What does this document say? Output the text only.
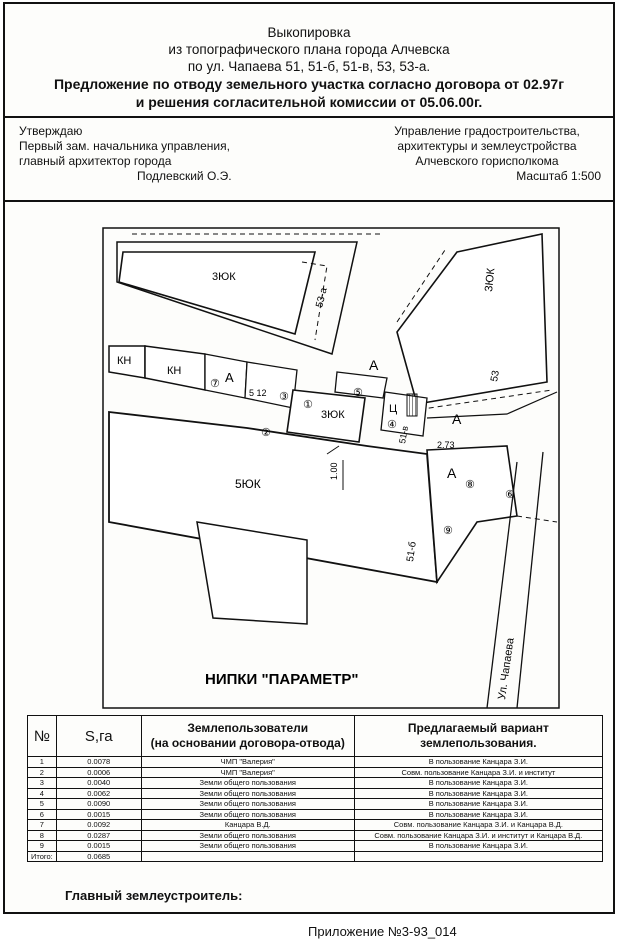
Выкопировка
из топографического плана города Алчевска
по ул. Чапаева 51, 51-б, 51-в, 53, 53-а.
Предложение по отводу земельного участка согласно договора от 02.97г
и решения согласительной комиссии от 05.06.00г.
Утверждаю
Первый зам. начальника управления,
главный архитектор города
Подлевский О.Э.
Управление градостроительства,
архитектуры и землеустройства
Алчевского горисполкома
Масштаб 1:500
3ЮК
53-а
3ЮК
53
КН
КН	А
А
А
А
5 12
3ЮК	Ц
51-в
2.73
1.00
5ЮК
51-б
Ул. Чапаева
НИПКИ "ПАРАМЕТР"
⑦
③
①
②
⑤
④
⑧
⑥
⑨
№	S,га	Землепользователи
(на основании договора-отвода)	Предлагаемый вариант
землепользования.
1	0.0078	ЧМП "Валерия"	В пользование Канцара З.И.
2	0.0006	ЧМП "Валерия"	Совм. пользование Канцара З.И. и институт
3	0.0040	Земли общего пользования	В пользование Канцара З.И.
4	0.0062	Земли общего пользования	В пользование Канцара З.И.
5	0.0090	Земли общего пользования	В пользование Канцара З.И.
6	0.0015	Земли общего пользования	В пользование Канцара З.И.
7	0.0092	Канцара В.Д.	Совм. пользование Канцара З.И. и Канцара В.Д.
8	0.0287	Земли общего пользования	Совм. пользование Канцара З.И. и институт и Канцара В.Д.
9	0.0015	Земли общего пользования	В пользование Канцара З.И.
Итого:	0.0685		
Главный землеустроитель:
Приложение №3-93_014
